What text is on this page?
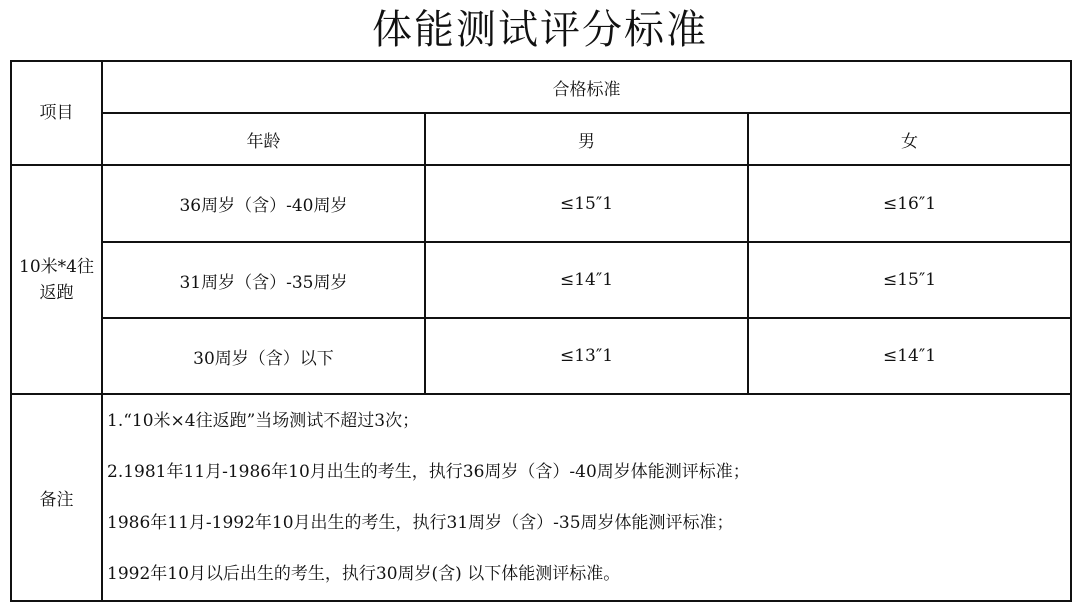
体能测试评分标准
项目	合格标准		
	年龄	男	女
10米*4往
返跑	36周岁（含）-40周岁	≤15″1	≤16″1
	31周岁（含）-35周岁	≤14″1	≤15″1
	30周岁（含）以下	≤13″1	≤14″1
备注	1.“10米×4往返跑”当场测试不超过3次；
2.1981年11月-1986年10月出生的考生，执行36周岁（含）-40周岁体能测评标准；
1986年11月-1992年10月出生的考生，执行31周岁（含）-35周岁体能测评标准；
1992年10月以后出生的考生，执行30周岁(含) 以下体能测评标准。		
